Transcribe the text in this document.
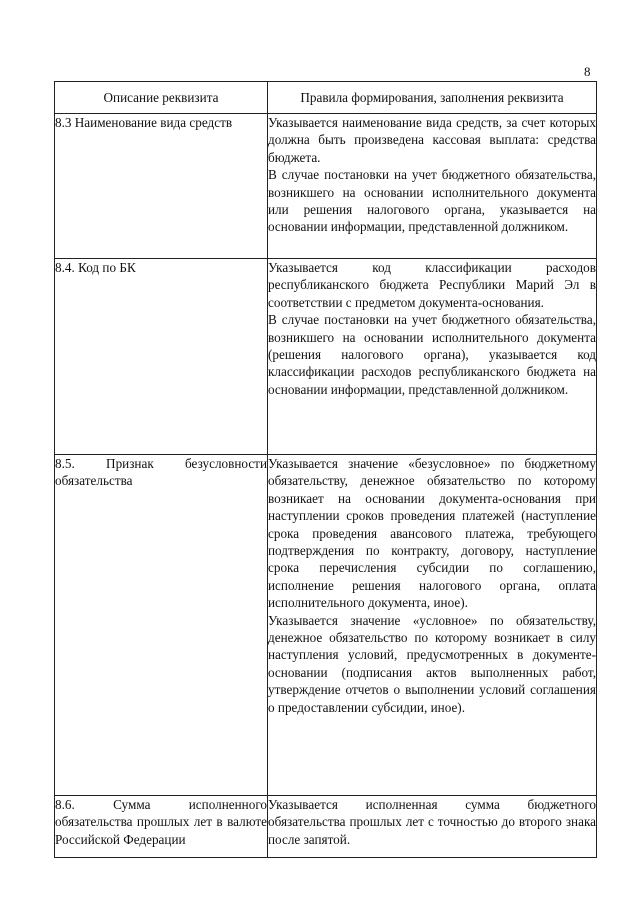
8
Описание реквизита	Правила формирования, заполнения реквизита
8.3 Наименование вида средств	Указывается наименование вида средств, за счет которых должна быть произведена кассовая выплата: средства бюджета.

В случае постановки на учет бюджетного обязательства, возникшего на основании исполнительного документа или решения налогового органа, указывается на основании информации, представленной должником.

8.4. Код по БК	Указывается код классификации расходов республиканского бюджета Республики Марий Эл в соответствии с предметом документа-основания.

В случае постановки на учет бюджетного обязательства, возникшего на основании исполнительного документа (решения налогового органа), указывается код классификации расходов республиканского бюджета на основании информации, представленной должником.

8.5. Признак безусловности обязательства	Указывается значение «безусловное» по бюджетному обязательству, денежное обязательство по которому возникает на основании документа-основания при наступлении сроков проведения платежей (наступление срока проведения авансового платежа, требующего подтверждения по контракту, договору, наступление срока перечисления субсидии по соглашению, исполнение решения налогового органа, оплата исполнительного документа, иное).

Указывается значение «условное» по обязательству, денежное обязательство по которому возникает в силу наступления условий, предусмотренных в документе-основании (подписания актов выполненных работ, утверждение отчетов о выполнении условий соглашения о предоставлении субсидии, иное).

8.6. Сумма исполненного обязательства прошлых лет в валюте Российской Федерации	Указывается исполненная сумма бюджетного обязательства прошлых лет с точностью до второго знака после запятой.
